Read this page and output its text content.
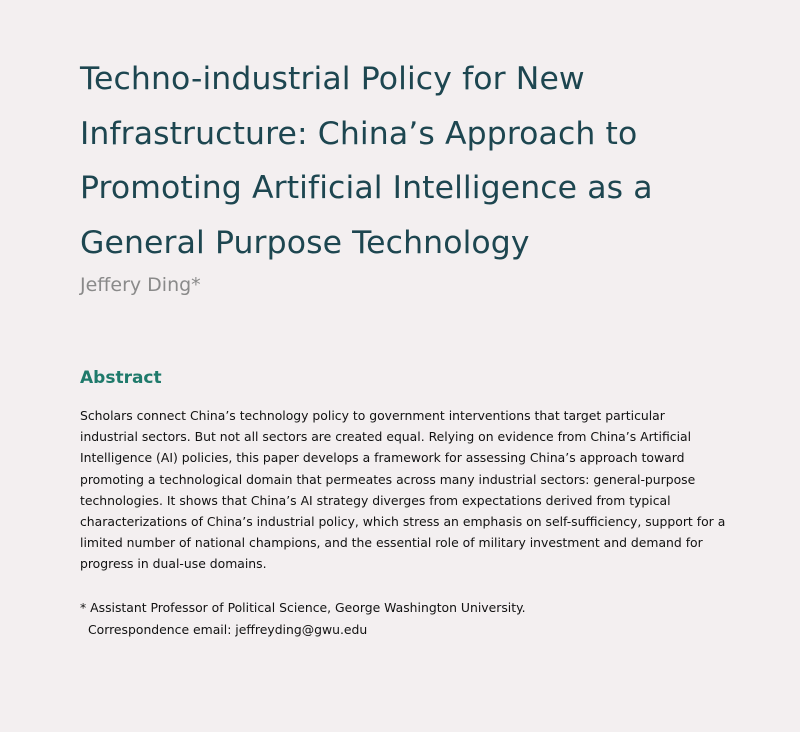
Techno-industrial Policy for New
Infrastructure: China’s Approach to
Promoting Artificial Intelligence as a
General Purpose Technology

Jeffery Ding*

Abstract

Scholars connect China’s technology policy to government interventions that target particular
industrial sectors. But not all sectors are created equal. Relying on evidence from China’s Artificial
Intelligence (AI) policies, this paper develops a framework for assessing China’s approach toward
promoting a technological domain that permeates across many industrial sectors: general-purpose
technologies. It shows that China’s AI strategy diverges from expectations derived from typical
characterizations of China’s industrial policy, which stress an emphasis on self-sufficiency, support for a
limited number of national champions, and the essential role of military investment and demand for
progress in dual-use domains.

* Assistant Professor of Political Science, George Washington University.
Correspondence email: jeffreyding@gwu.edu
